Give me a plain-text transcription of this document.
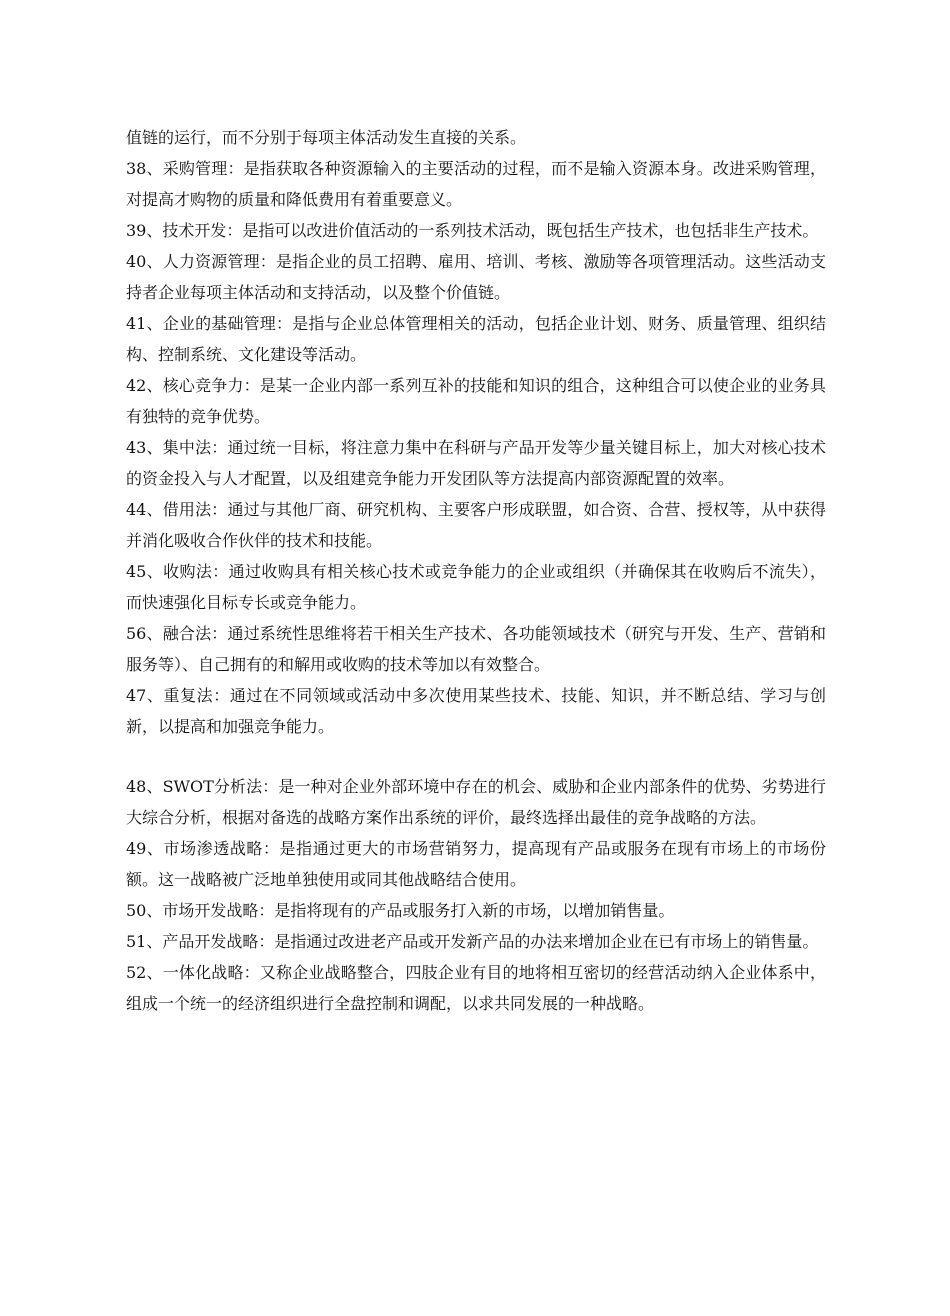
值链的运行，而不分别于每项主体活动发生直接的关系。

38、采购管理：是指获取各种资源输入的主要活动的过程，而不是输入资源本身。改进采购管理，对提高才购物的质量和降低费用有着重要意义。

39、技术开发：是指可以改进价值活动的一系列技术活动，既包括生产技术，也包括非生产技术。

40、人力资源管理：是指企业的员工招聘、雇用、培训、考核、激励等各项管理活动。这些活动支持者企业每项主体活动和支持活动，以及整个价值链。

41、企业的基础管理：是指与企业总体管理相关的活动，包括企业计划、财务、质量管理、组织结构、控制系统、文化建设等活动。

42、核心竞争力：是某一企业内部一系列互补的技能和知识的组合，这种组合可以使企业的业务具有独特的竞争优势。

43、集中法：通过统一目标，将注意力集中在科研与产品开发等少量关键目标上，加大对核心技术的资金投入与人才配置，以及组建竞争能力开发团队等方法提高内部资源配置的效率。

44、借用法：通过与其他厂商、研究机构、主要客户形成联盟，如合资、合营、授权等，从中获得并消化吸收合作伙伴的技术和技能。

45、收购法：通过收购具有相关核心技术或竞争能力的企业或组织（并确保其在收购后不流失），而快速强化目标专长或竞争能力。

56、融合法：通过系统性思维将若干相关生产技术、各功能领域技术（研究与开发、生产、营销和服务等）、自己拥有的和解用或收购的技术等加以有效整合。

47、重复法：通过在不同领域或活动中多次使用某些技术、技能、知识，并不断总结、学习与创新，以提高和加强竞争能力。

48、SWOT分析法：是一种对企业外部环境中存在的机会、威胁和企业内部条件的优势、劣势进行大综合分析，根据对备选的战略方案作出系统的评价，最终选择出最佳的竞争战略的方法。

49、市场渗透战略：是指通过更大的市场营销努力，提高现有产品或服务在现有市场上的市场份额。这一战略被广泛地单独使用或同其他战略结合使用。

50、市场开发战略：是指将现有的产品或服务打入新的市场，以增加销售量。

51、产品开发战略：是指通过改进老产品或开发新产品的办法来增加企业在已有市场上的销售量。

52、一体化战略：又称企业战略整合，四肢企业有目的地将相互密切的经营活动纳入企业体系中，组成一个统一的经济组织进行全盘控制和调配，以求共同发展的一种战略。
